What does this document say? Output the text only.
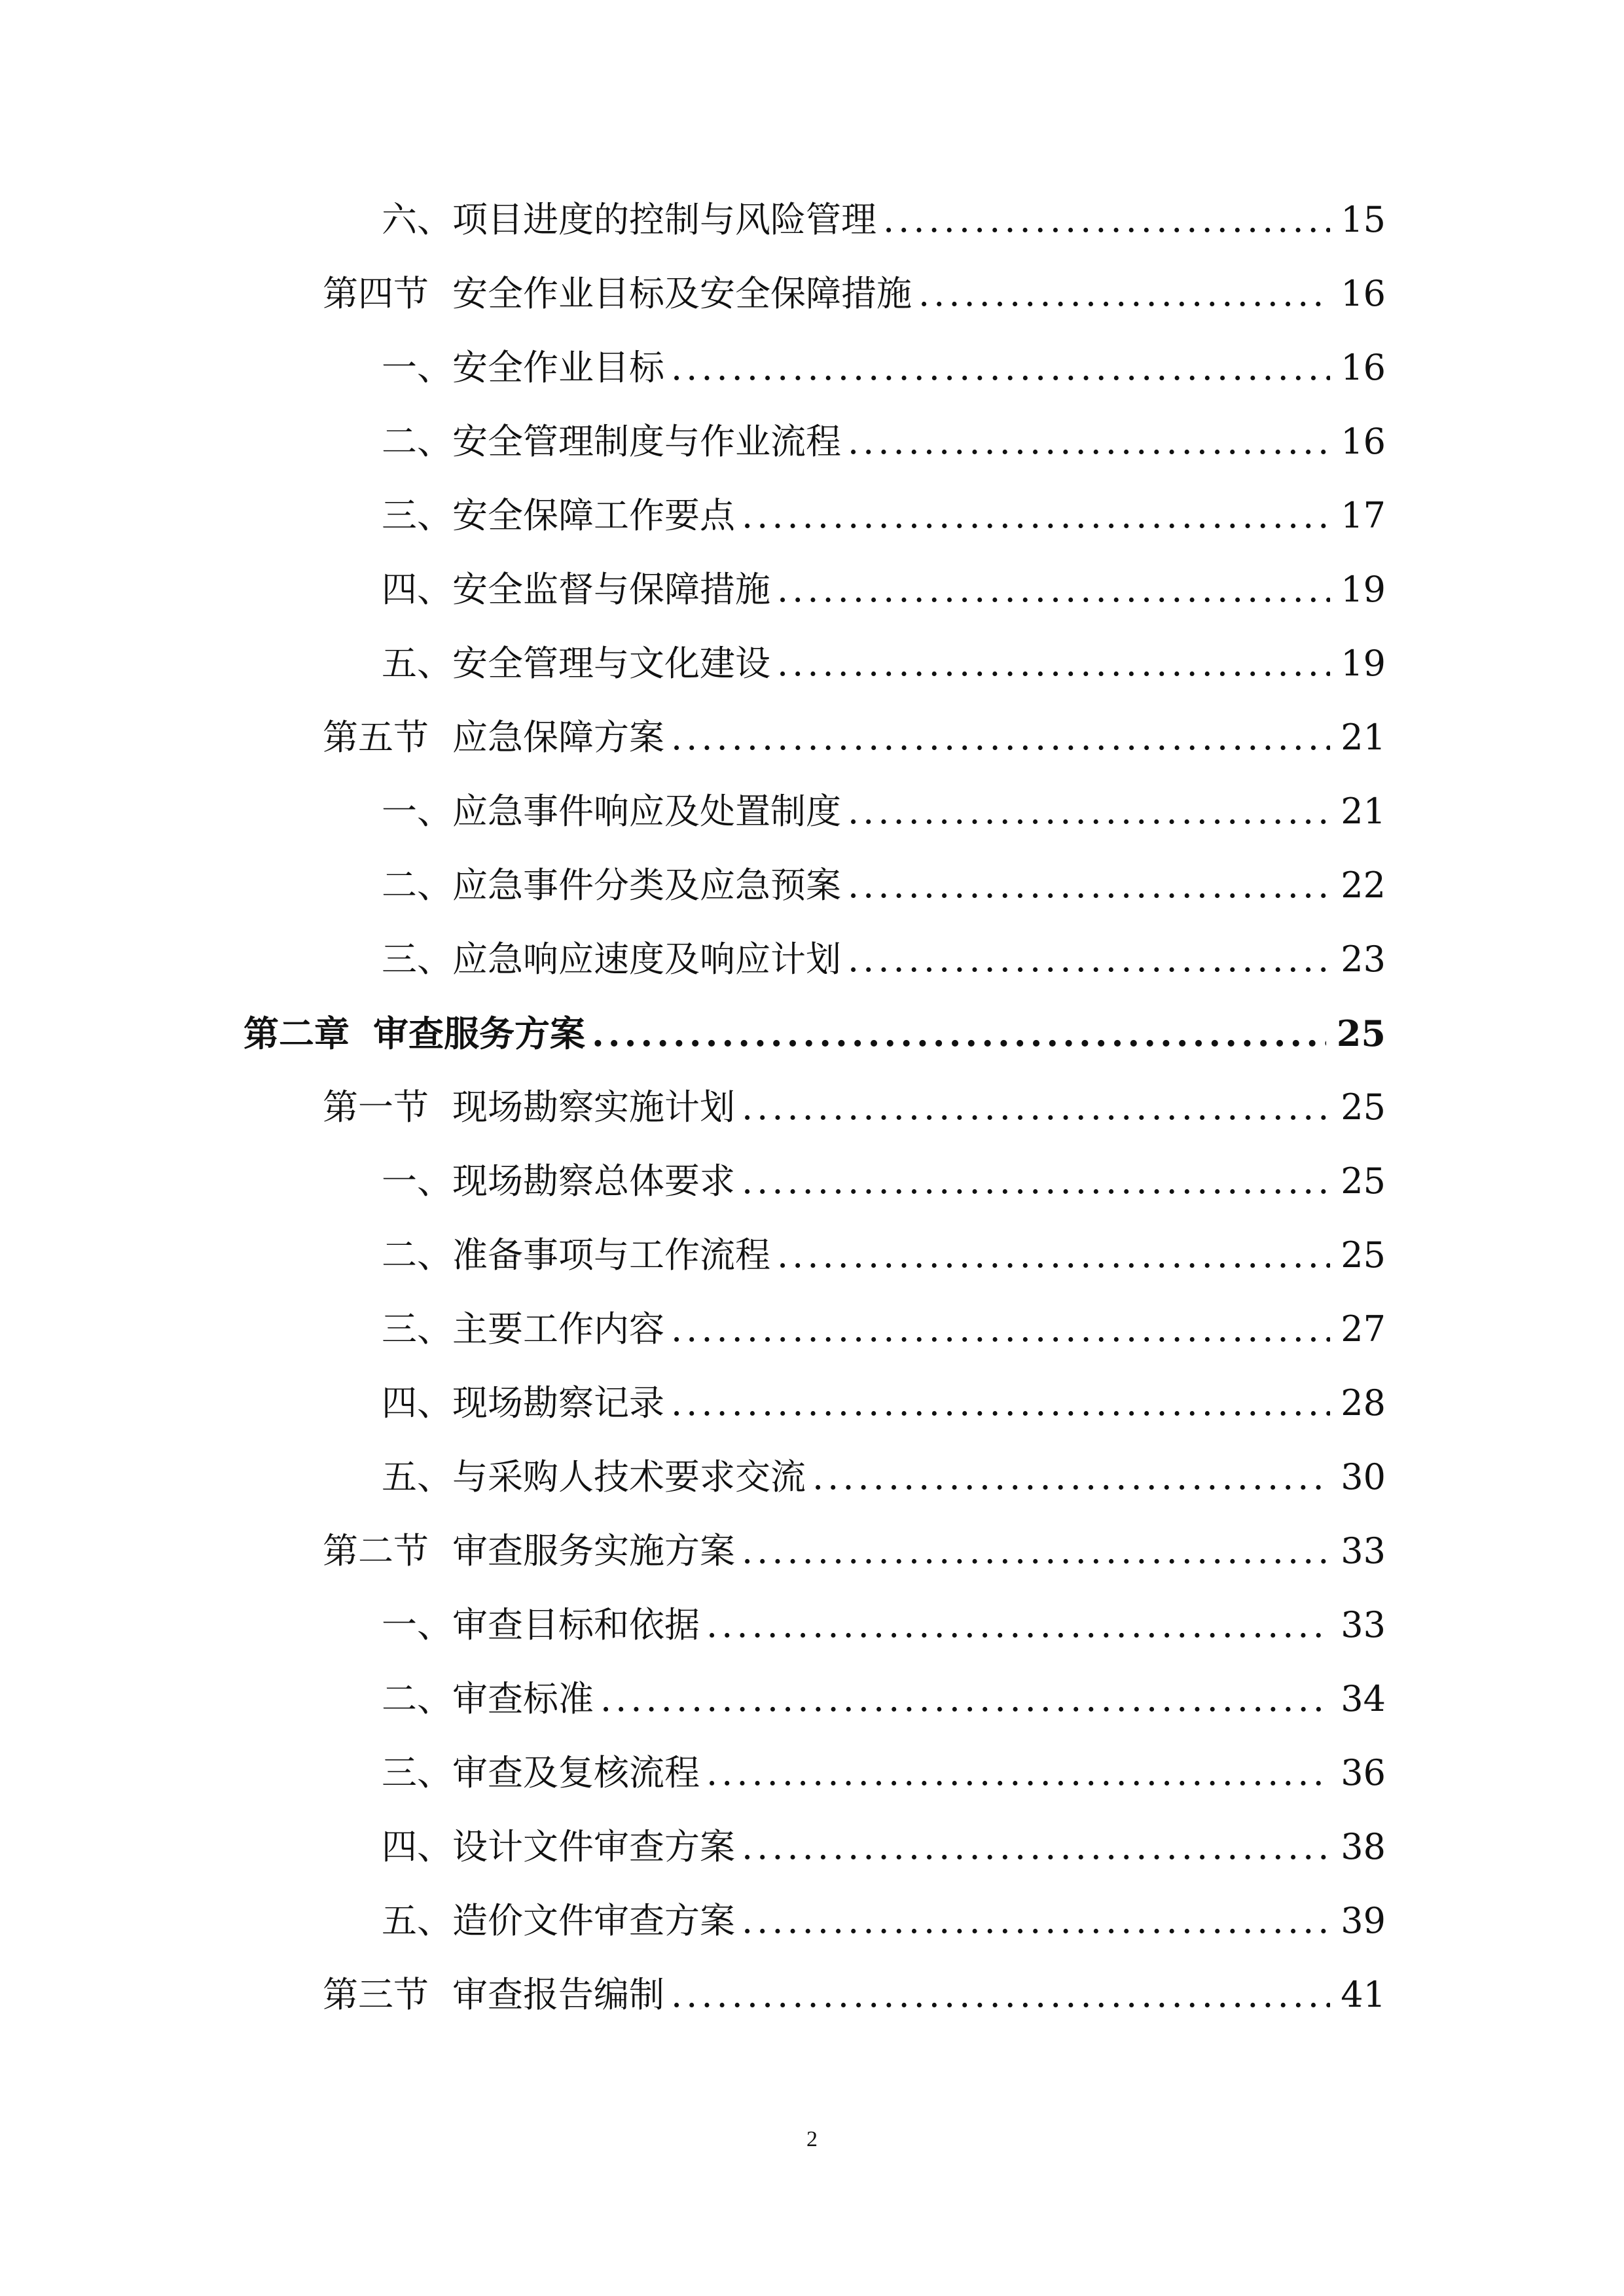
六、项目进度的控制与风险管理 .....	15
第四节 安全作业目标及安全保障措施 .....	16
一、安全作业目标 .....	16
二、安全管理制度与作业流程 .....	16
三、安全保障工作要点 .....	17
四、安全监督与保障措施 .....	19
五、安全管理与文化建设 .....	19
第五节 应急保障方案 .....	21
一、应急事件响应及处置制度 .....	21
二、应急事件分类及应急预案 .....	22
三、应急响应速度及响应计划 .....	23
第二章 审查服务方案 .....	25
第一节 现场勘察实施计划 .....	25
一、现场勘察总体要求 .....	25
二、准备事项与工作流程 .....	25
三、主要工作内容 .....	27
四、现场勘察记录 .....	28
五、与采购人技术要求交流 .....	30
第二节 审查服务实施方案 .....	33
一、审查目标和依据 .....	33
二、审查标准 .....	34
三、审查及复核流程 .....	36
四、设计文件审查方案 .....	38
五、造价文件审查方案 .....	39
第三节 审查报告编制 .....	41
2
